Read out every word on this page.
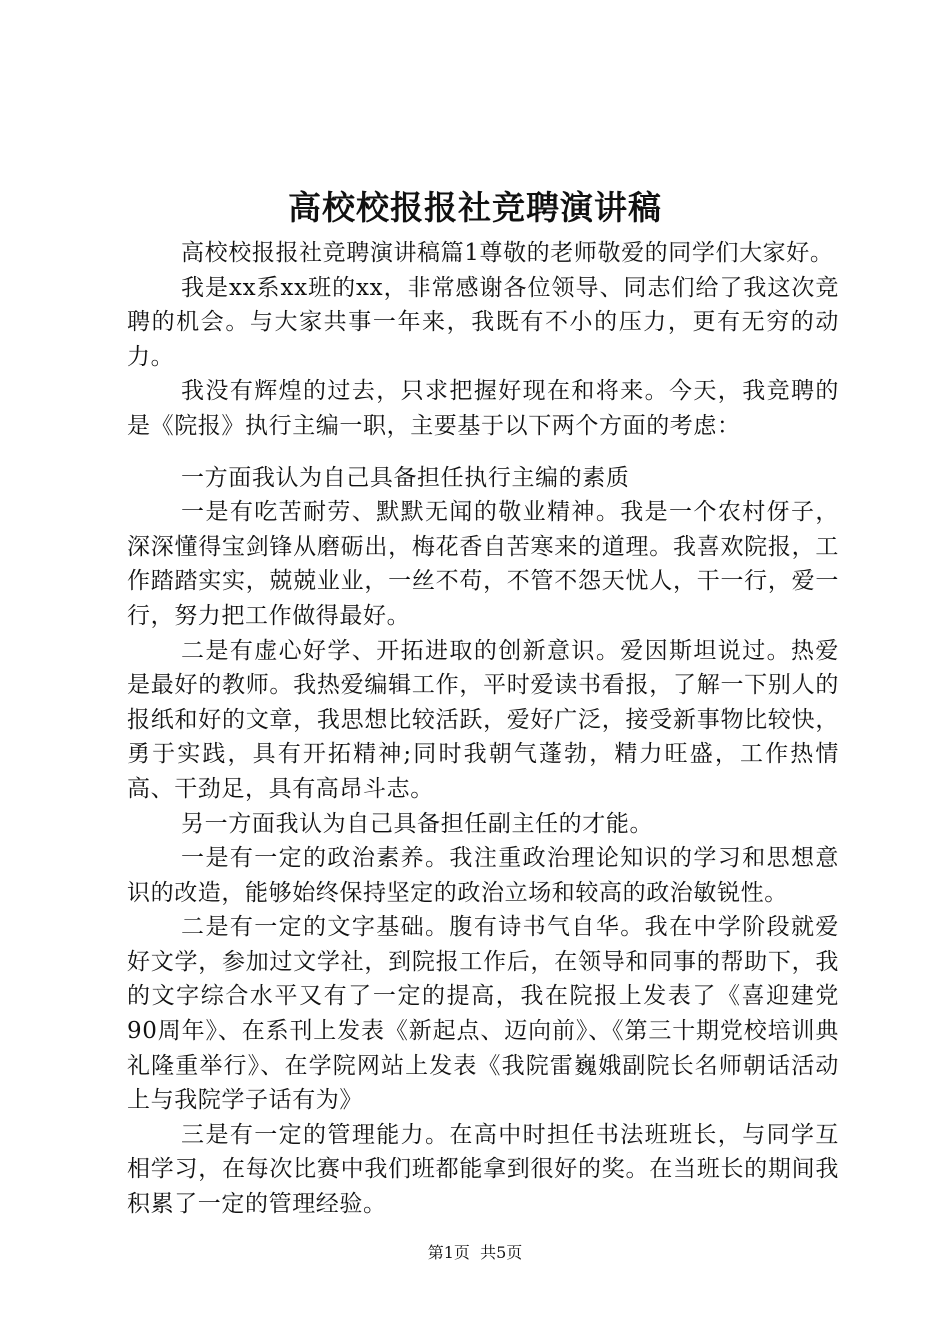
高校校报报社竞聘演讲稿

高校校报报社竞聘演讲稿篇1尊敬的老师敬爱的同学们大家好。

我是xx系xx班的xx，非常感谢各位领导、同志们给了我这次竞聘的机会。与大家共事一年来，我既有不小的压力，更有无穷的动力。

我没有辉煌的过去，只求把握好现在和将来。今天，我竞聘的是《院报》执行主编一职，主要基于以下两个方面的考虑：

一方面我认为自己具备担任执行主编的素质

一是有吃苦耐劳、默默无闻的敬业精神。我是一个农村伢子，深深懂得宝剑锋从磨砺出，梅花香自苦寒来的道理。我喜欢院报，工作踏踏实实，兢兢业业，一丝不苟，不管不怨天忧人，干一行，爱一行，努力把工作做得最好。

二是有虚心好学、开拓进取的创新意识。爱因斯坦说过。热爱是最好的教师。我热爱编辑工作，平时爱读书看报，了解一下别人的报纸和好的文章，我思想比较活跃，爱好广泛，接受新事物比较快，勇于实践，具有开拓精神;同时我朝气蓬勃，精力旺盛，工作热情高、干劲足，具有高昂斗志。

另一方面我认为自己具备担任副主任的才能。

一是有一定的政治素养。我注重政治理论知识的学习和思想意识的改造，能够始终保持坚定的政治立场和较高的政治敏锐性。

二是有一定的文字基础。腹有诗书气自华。我在中学阶段就爱好文学，参加过文学社，到院报工作后，在领导和同事的帮助下，我的文字综合水平又有了一定的提高，我在院报上发表了《喜迎建党90周年》、在系刊上发表《新起点、迈向前》、《第三十期党校培训典礼隆重举行》、在学院网站上发表《我院雷巍娥副院长名师朝话活动上与我院学子话有为》

三是有一定的管理能力。在高中时担任书法班班长，与同学互相学习，在每次比赛中我们班都能拿到很好的奖。在当班长的期间我积累了一定的管理经验。

第1页 共5页
